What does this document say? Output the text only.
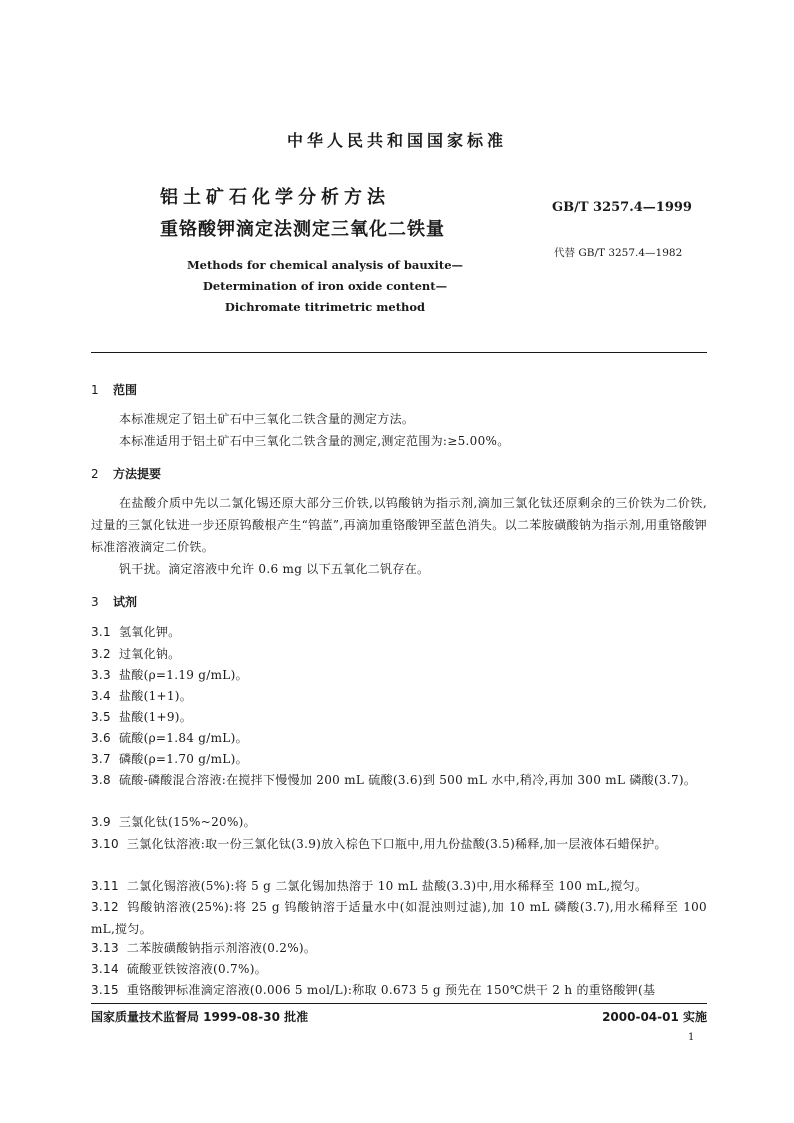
中华人民共和国国家标准
铝土矿石化学分析方法
重铬酸钾滴定法测定三氧化二铁量
GB/T 3257.4—1999
代替 GB/T 3257.4—1982
Methods for chemical analysis of bauxite—
Determination of iron oxide content—
Dichromate titrimetric method
1 范围
本标准规定了铝土矿石中三氧化二铁含量的测定方法。
本标准适用于铝土矿石中三氧化二铁含量的测定,测定范围为:≥5.00%。
2 方法提要
在盐酸介质中先以二氯化锡还原大部分三价铁,以钨酸钠为指示剂,滴加三氯化钛还原剩余的三价铁为二价铁,过量的三氯化钛进一步还原钨酸根产生“钨蓝”,再滴加重铬酸钾至蓝色消失。以二苯胺磺酸钠为指示剂,用重铬酸钾标准溶液滴定二价铁。
钒干扰。滴定溶液中允许 0.6 mg 以下五氧化二钒存在。
3 试剂
3.1 氢氧化钾。
3.2 过氧化钠。
3.3 盐酸(ρ=1.19 g/mL)。
3.4 盐酸(1+1)。
3.5 盐酸(1+9)。
3.6 硫酸(ρ=1.84 g/mL)。
3.7 磷酸(ρ=1.70 g/mL)。
3.8 硫酸-磷酸混合溶液:在搅拌下慢慢加 200 mL 硫酸(3.6)到 500 mL 水中,稍冷,再加 300 mL 磷酸(3.7)。
3.9 三氯化钛(15%~20%)。
3.10 三氯化钛溶液:取一份三氯化钛(3.9)放入棕色下口瓶中,用九份盐酸(3.5)稀释,加一层液体石蜡保护。
3.11 二氯化锡溶液(5%):将 5 g 二氯化锡加热溶于 10 mL 盐酸(3.3)中,用水稀释至 100 mL,搅匀。
3.12 钨酸钠溶液(25%):将 25 g 钨酸钠溶于适量水中(如混浊则过滤),加 10 mL 磷酸(3.7),用水稀释至 100 mL,搅匀。
3.13 二苯胺磺酸钠指示剂溶液(0.2%)。
3.14 硫酸亚铁铵溶液(0.7%)。
3.15 重铬酸钾标准滴定溶液(0.006 5 mol/L):称取 0.673 5 g 预先在 150℃烘干 2 h 的重铬酸钾(基
国家质量技术监督局 1999-08-30 批准	2000-04-01 实施
1
